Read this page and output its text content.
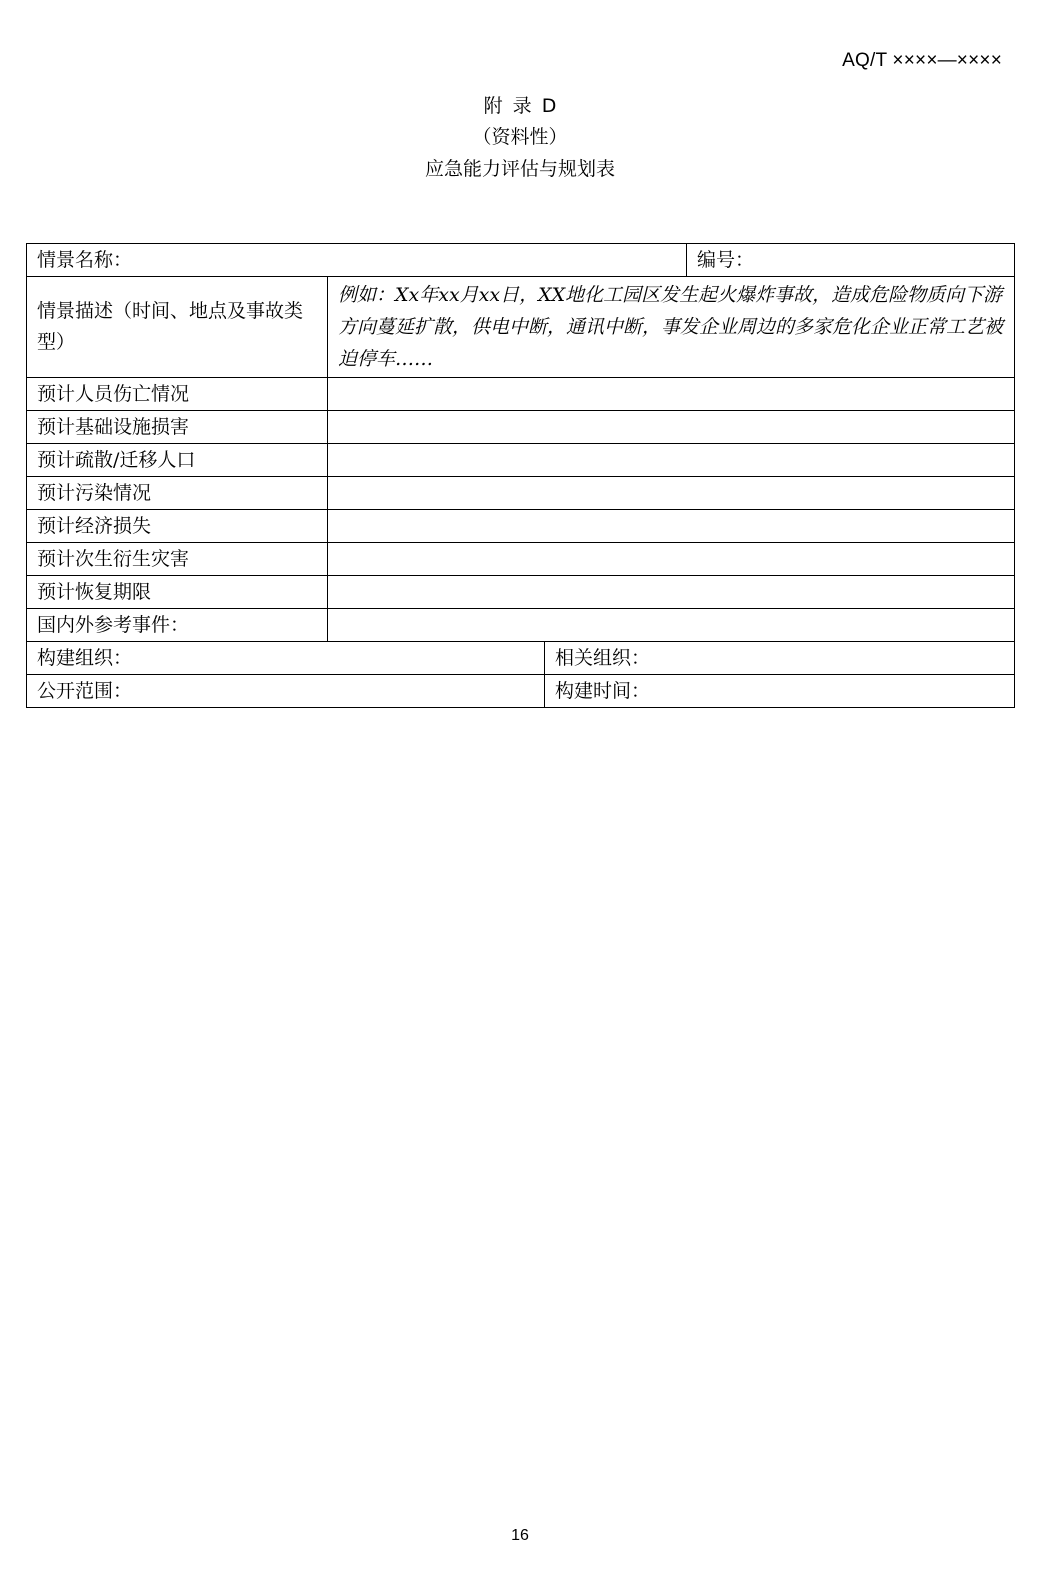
AQ/T ××××—××××
附 录 D
（资料性）
应急能力评估与规划表
情景名称：			编号：
情景描述（时间、地点及事故类型）	例如：Xx年xx月xx日，XX地化工园区发生起火爆炸事故，造成危险物质向下游方向蔓延扩散，供电中断，通讯中断，事发企业周边的多家危化企业正常工艺被迫停车……		
预计人员伤亡情况			
预计基础设施损害			
预计疏散/迁移人口			
预计污染情况			
预计经济损失			
预计次生衍生灾害			
预计恢复期限			
国内外参考事件：			
构建组织：		相关组织：	
公开范围：		构建时间：	
16
